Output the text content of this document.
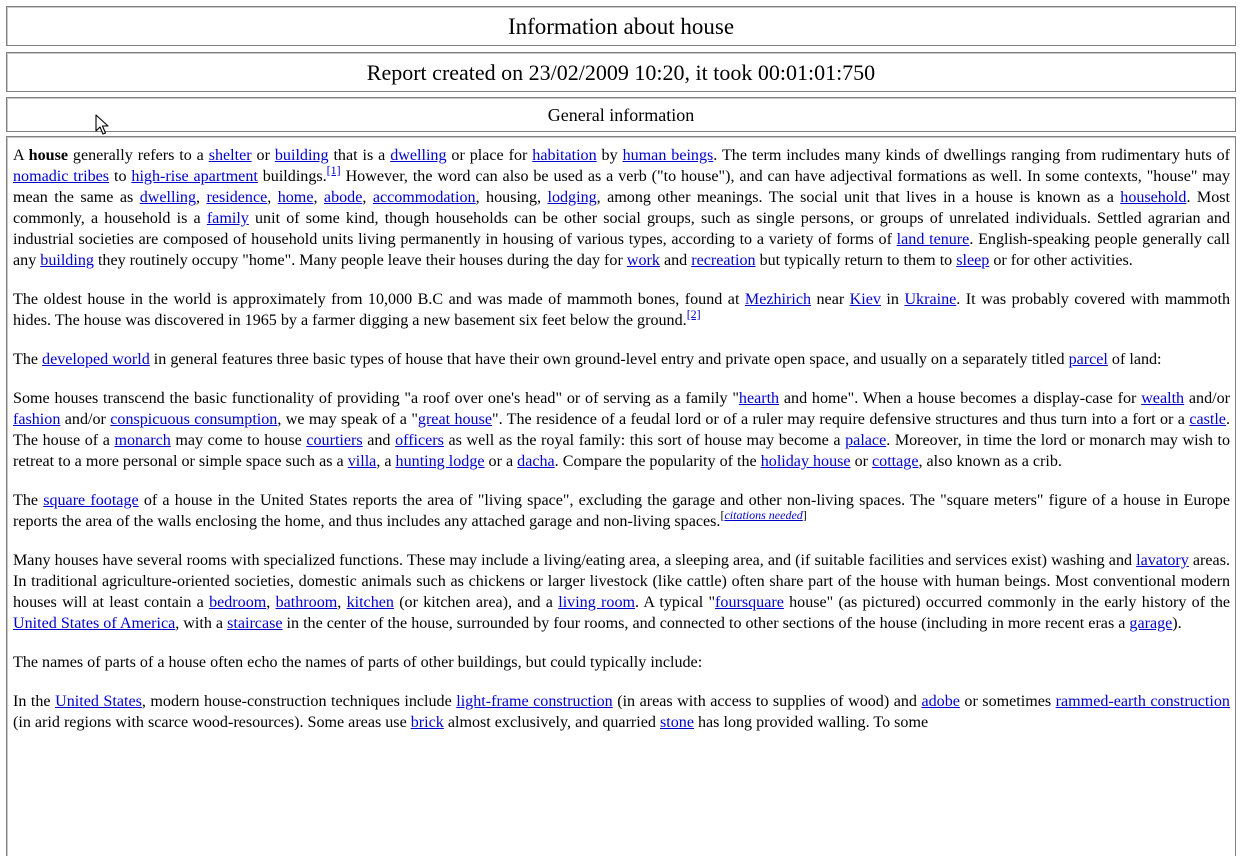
Information about house
Report created on 23/02/2009 10:20, it took 00:01:01:750
General information

A house generally refers to a shelter or building that is a dwelling or place for habitation by human beings. The term includes many kinds of dwellings ranging from rudimentary huts of nomadic tribes to high-rise apartment buildings.[1] However, the word can also be used as a verb ("to house"), and can have adjectival formations as well. In some contexts, "house" may mean the same as dwelling, residence, home, abode, accommodation, housing, lodging, among other meanings. The social unit that lives in a house is known as a household. Most commonly, a household is a family unit of some kind, though households can be other social groups, such as single persons, or groups of unrelated individuals. Settled agrarian and industrial societies are composed of household units living permanently in housing of various types, according to a variety of forms of land tenure. English-speaking people generally call any building they routinely occupy "home". Many people leave their houses during the day for work and recreation but typically return to them to sleep or for other activities.

The oldest house in the world is approximately from 10,000 B.C and was made of mammoth bones, found at Mezhirich near Kiev in Ukraine. It was probably covered with mammoth hides. The house was discovered in 1965 by a farmer digging a new basement six feet below the ground.[2]

The developed world in general features three basic types of house that have their own ground-level entry and private open space, and usually on a separately titled parcel of land:

Some houses transcend the basic functionality of providing "a roof over one's head" or of serving as a family "hearth and home". When a house becomes a display-case for wealth and/or fashion and/or conspicuous consumption, we may speak of a "great house". The residence of a feudal lord or of a ruler may require defensive structures and thus turn into a fort or a castle. The house of a monarch may come to house courtiers and officers as well as the royal family: this sort of house may become a palace. Moreover, in time the lord or monarch may wish to retreat to a more personal or simple space such as a villa, a hunting lodge or a dacha. Compare the popularity of the holiday house or cottage, also known as a crib.

The square footage of a house in the United States reports the area of "living space", excluding the garage and other non-living spaces. The "square meters" figure of a house in Europe reports the area of the walls enclosing the home, and thus includes any attached garage and non-living spaces.[citations needed]

Many houses have several rooms with specialized functions. These may include a living/eating area, a sleeping area, and (if suitable facilities and services exist) washing and lavatory areas. In traditional agriculture-oriented societies, domestic animals such as chickens or larger livestock (like cattle) often share part of the house with human beings. Most conventional modern houses will at least contain a bedroom, bathroom, kitchen (or kitchen area), and a living room. A typical "foursquare house" (as pictured) occurred commonly in the early history of the United States of America, with a staircase in the center of the house, surrounded by four rooms, and connected to other sections of the house (including in more recent eras a garage).

The names of parts of a house often echo the names of parts of other buildings, but could typically include:

In the United States, modern house-construction techniques include light-frame construction (in areas with access to supplies of wood) and adobe or sometimes rammed-earth construction (in arid regions with scarce wood-resources). Some areas use brick almost exclusively, and quarried stone has long provided walling. To some
